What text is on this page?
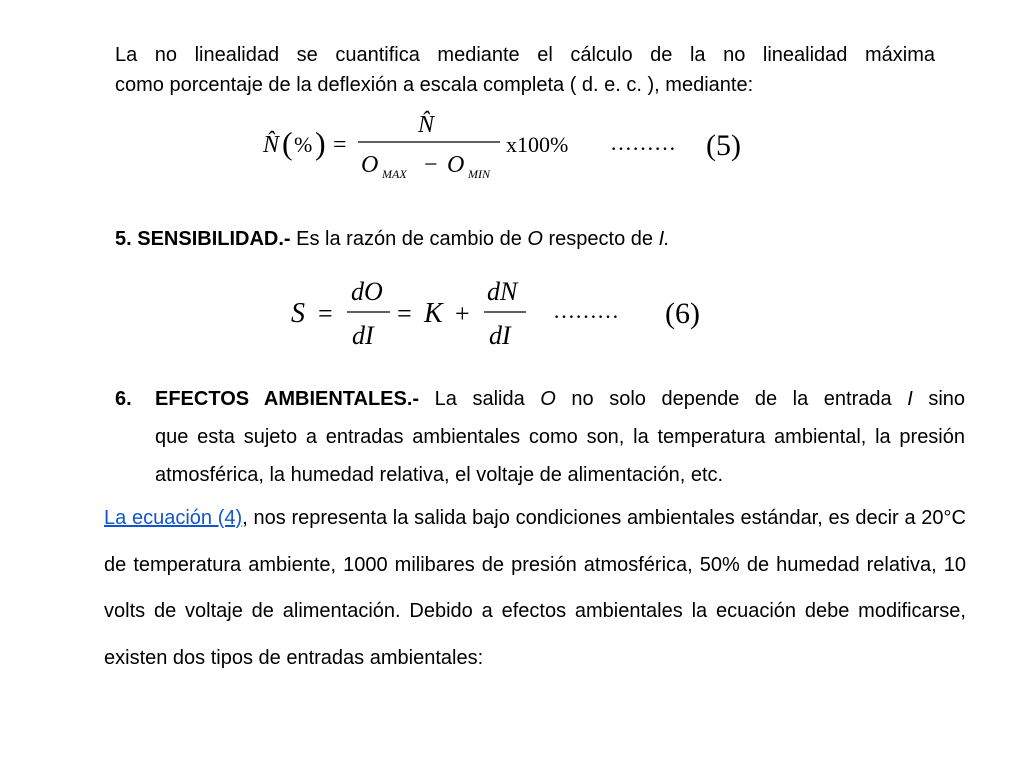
La no linealidad se cuantifica mediante el cálculo de la no linealidad máxima
como porcentaje de la deflexión a escala completa ( d. e. c. ), mediante:
N̂ ( % ) =
N̂
O MAX − O MIN
x100% ……… (5)
S =
dO
dI
= K +
dN
dI
……… (6)
5. SENSIBILIDAD.- Es la razón de cambio de O respecto de I.
6. EFECTOS AMBIENTALES.- La salida O no solo depende de la entrada I sino
que esta sujeto a entradas ambientales como son, la temperatura ambiental, la presión atmosférica, la humedad relativa, el voltaje de alimentación, etc.
La ecuación (4), nos representa la salida bajo condiciones ambientales estándar, es decir a 20°C de temperatura ambiente, 1000 milibares de presión atmosférica, 50% de humedad relativa, 10 volts de voltaje de alimentación. Debido a efectos ambientales la ecuación debe modificarse, existen dos tipos de entradas ambientales:
